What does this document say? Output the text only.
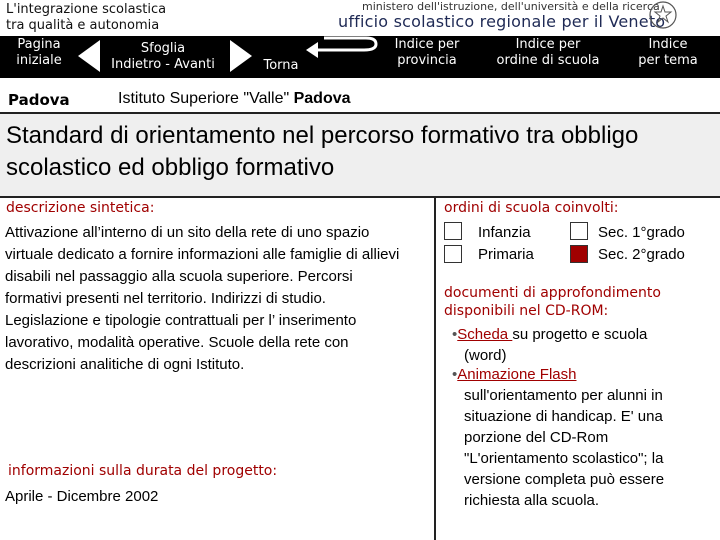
L'integrazione scolastica
tra qualità e autonomia
ministero dell'istruzione, dell'università e della ricerca
ufficio scolastico regionale per il Veneto
Pagina
iniziale
Sfoglia
Indietro - Avanti	Torna
Indice per
provincia
Indice per
ordine di scuola
Indice
per tema
Padova	Istituto Superiore "Valle" Padova
Standard di orientamento nel percorso formativo tra obbligo scolastico ed obbligo formativo
descrizione sintetica:
Attivazione all’interno di un sito della rete di uno spazio virtuale dedicato a fornire informazioni alle famiglie di allievi disabili nel passaggio alla scuola superiore. Percorsi formativi presenti nel territorio. Indirizzi di studio. Legislazione e tipologie contrattuali per l’ inserimento lavorativo, modalità operative. Scuole della rete con descrizioni analitiche di ogni Istituto.
informazioni sulla durata del progetto:
Aprile - Dicembre 2002
ordini di scuola coinvolti:
Infanzia	Sec. 1°grado
Primaria	Sec. 2°grado
documenti di approfondimento
disponibili nel CD-ROM:
•Scheda su progetto e scuola
(word)
•Animazione Flash
sull'orientamento per alunni in situazione di handicap. E' una porzione del CD-Rom "L'orientamento scolastico"; la versione completa può essere richiesta alla scuola.
